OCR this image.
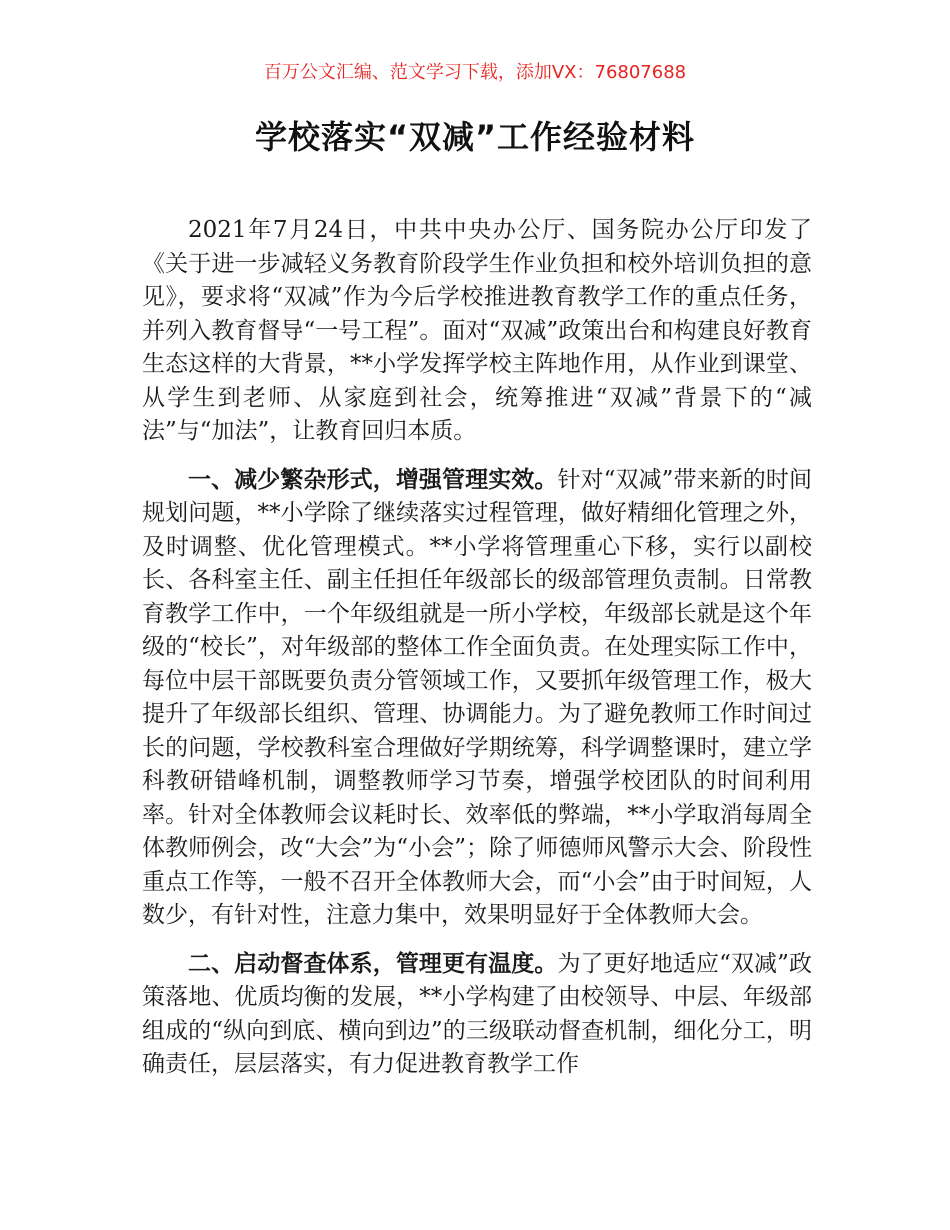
百万公文汇编、范文学习下载，添加VX：76807688
学校落实“双减”工作经验材料

2021年7月24日，中共中央办公厅、国务院办公厅印发了《关于进一步减轻义务教育阶段学生作业负担和校外培训负担的意见》，要求将“双减”作为今后学校推进教育教学工作的重点任务，并列入教育督导“一号工程”。面对“双减”政策出台和构建良好教育生态这样的大背景，**小学发挥学校主阵地作用，从作业到课堂、从学生到老师、从家庭到社会，统筹推进“双减”背景下的“减法”与“加法”，让教育回归本质。

一、减少繁杂形式，增强管理实效。针对“双减”带来新的时间规划问题，**小学除了继续落实过程管理，做好精细化管理之外，及时调整、优化管理模式。**小学将管理重心下移，实行以副校长、各科室主任、副主任担任年级部长的级部管理负责制。日常教育教学工作中，一个年级组就是一所小学校，年级部长就是这个年级的“校长”，对年级部的整体工作全面负责。在处理实际工作中，每位中层干部既要负责分管领域工作，又要抓年级管理工作，极大提升了年级部长组织、管理、协调能力。为了避免教师工作时间过长的问题，学校教科室合理做好学期统筹，科学调整课时，建立学科教研错峰机制，调整教师学习节奏，增强学校团队的时间利用率。针对全体教师会议耗时长、效率低的弊端，**小学取消每周全体教师例会，改“大会”为“小会”；除了师德师风警示大会、阶段性重点工作等，一般不召开全体教师大会，而“小会”由于时间短，人数少，有针对性，注意力集中，效果明显好于全体教师大会。

二、启动督查体系，管理更有温度。为了更好地适应“双减”政策落地、优质均衡的发展，**小学构建了由校领导、中层、年级部组成的“纵向到底、横向到边”的三级联动督查机制，细化分工，明确责任，层层落实，有力促进教育教学工作
